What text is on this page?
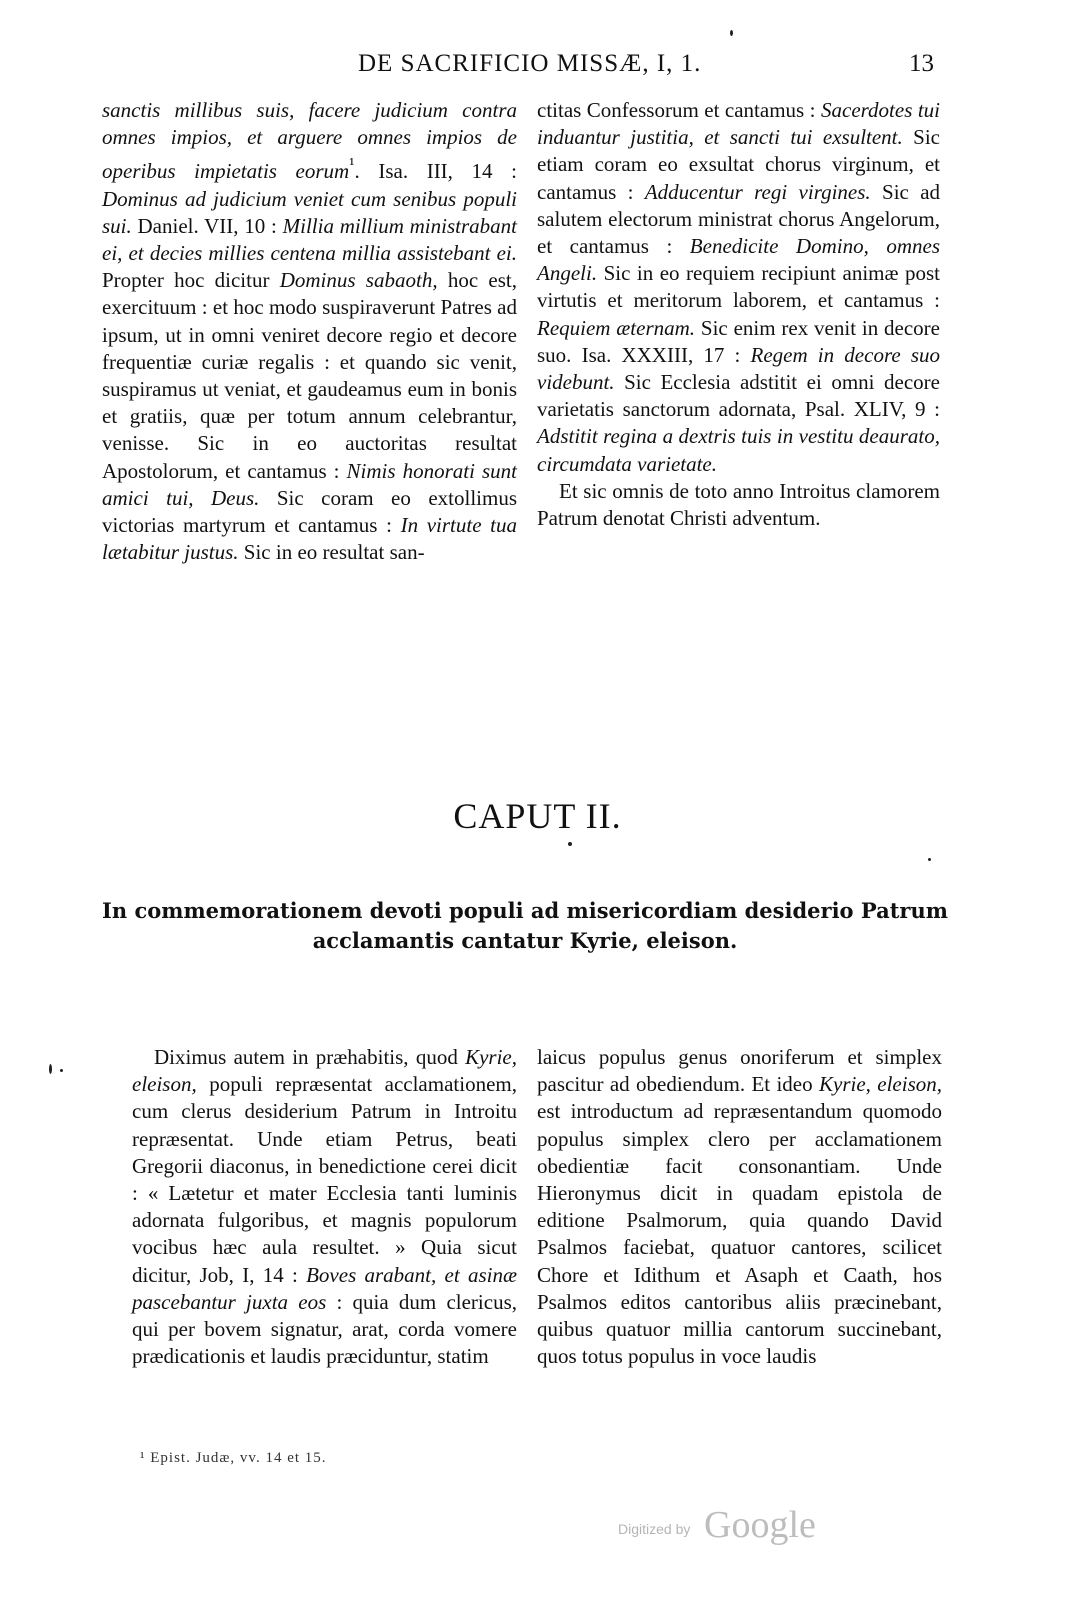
DE SACRIFICIO MISSÆ, I, 1.	13

sanctis millibus suis, facere judicium contra omnes impios, et arguere omnes impios de operibus impietatis eorum$^{^1}$. Isa. III, 14 : Dominus ad judicium veniet cum senibus populi sui. Daniel. VII, 10 : Millia millium ministrabant ei, et decies millies centena millia assistebant ei. Propter hoc dicitur Dominus sabaoth, hoc est, exercituum : et hoc modo suspiraverunt Patres ad ipsum, ut in omni veniret decore regio et decore frequentiæ curiæ regalis : et quando sic venit, suspiramus ut veniat, et gaudeamus eum in bonis et gratiis, quæ per totum annum celebrantur, venisse. Sic in eo auctoritas resultat Apostolorum, et cantamus : Nimis honorati sunt amici tui, Deus. Sic coram eo extollimus victorias martyrum et cantamus : In virtute tua lætabitur justus. Sic in eo resultat san-

ctitas Confessorum et cantamus : Sacerdotes tui induantur justitia, et sancti tui exsultent. Sic etiam coram eo exsultat chorus virginum, et cantamus : Adducentur regi virgines. Sic ad salutem electorum ministrat chorus Angelorum, et cantamus : Benedicite Domino, omnes Angeli. Sic in eo requiem recipiunt animæ post virtutis et meritorum laborem, et cantamus : Requiem æternam. Sic enim rex venit in decore suo. Isa. XXXIII, 17 : Regem in decore suo videbunt. Sic Ecclesia adstitit ei omni decore varietatis sanctorum adornata, Psal. XLIV, 9 : Adstitit regina a dextris tuis in vestitu deaurato, circumdata varietate.

Et sic omnis de toto anno Introitus clamorem Patrum denotat Christi adventum.

CAPUT II.
In commemorationem devoti populi ad misericordiam desiderio Patrum acclamantis cantatur Kyrie, eleison.

Diximus autem in præhabitis, quod Kyrie, eleison, populi repræsentat acclamationem, cum clerus desiderium Patrum in Introitu repræsentat. Unde etiam Petrus, beati Gregorii diaconus, in benedictione cerei dicit : « Lætetur et mater Ecclesia tanti luminis adornata fulgoribus, et magnis populorum vocibus hæc aula resultet. » Quia sicut dicitur, Job, I, 14 : Boves arabant, et asinæ pascebantur juxta eos : quia dum clericus, qui per bovem signatur, arat, corda vomere prædicationis et laudis præciduntur, statim

laicus populus genus onoriferum et simplex pascitur ad obediendum. Et ideo Kyrie, eleison, est introductum ad repræsentandum quomodo populus simplex clero per acclamationem obedientiæ facit consonantiam. Unde Hieronymus dicit in quadam epistola de editione Psalmorum, quia quando David Psalmos faciebat, quatuor cantores, scilicet Chore et Idithum et Asaph et Caath, hos Psalmos editos cantoribus aliis præcinebant, quibus quatuor millia cantorum succinebant, quos totus populus in voce laudis

¹ Epist. Judæ, vv. 14 et 15.
Digitized by Google
